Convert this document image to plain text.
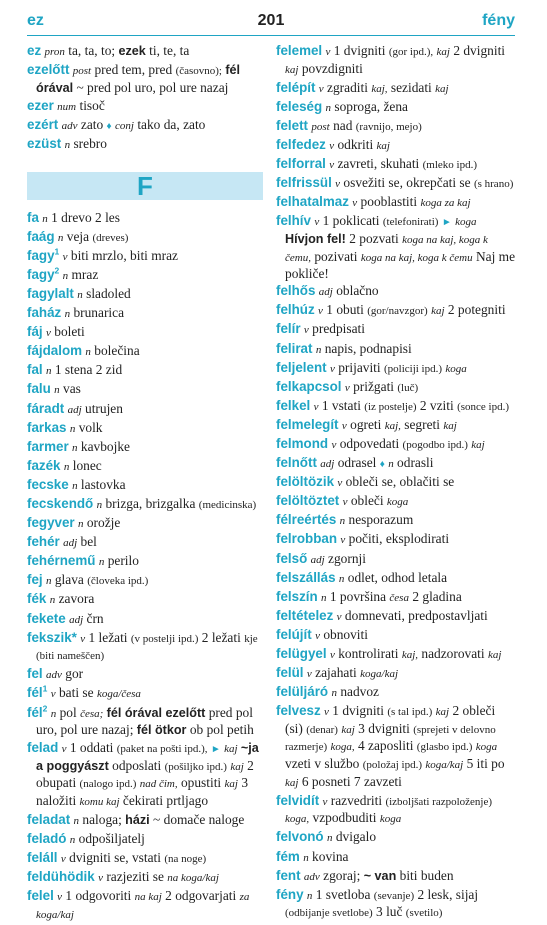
ez	201	fény
ez pron ta, ta, to; ezek ti, te, ta
ezelőtt post pred tem, pred (časovno); fél órával ~ pred pol uro, pol ure nazaj
ezer num tisoč
ezért adv zato ♦ conj tako da, zato
ezüst n srebro
F
fa n 1 drevo 2 les
faág n veja (dreves)
fagy$^1$ v biti mrzlo, biti mraz
fagy$^2$ n mraz
fagylalt n sladoled
faház n brunarica
fáj v boleti
fájdalom n bolečina
fal n 1 stena 2 zid
falu n vas
fáradt adj utrujen
farkas n volk
farmer n kavbojke
fazék n lonec
fecske n lastovka
fecskendő n brizga, brizgalka (medicinska)
fegyver n orožje
fehér adj bel
fehérnemű n perilo
fej n glava (človeka ipd.)
fék n zavora
fekete adj črn
fekszik* v 1 ležati (v postelji ipd.) 2 ležati kje (biti nameščen)
fel adv gor
fél$^1$ v bati se koga/česa
fél$^2$ n pol česa; fél órával ezelőtt pred pol uro, pol ure nazaj; fél ötkor ob pol petih
felad v 1 oddati (paket na pošti ipd.), ► kaj ~ja a poggyászt odposlati (pošiljko ipd.) kaj 2 obupati (nalogo ipd.) nad čim, opustiti kaj 3 naložiti komu kaj čekirati prtljago
feladat n naloga; házi ~ domače naloge
feladó n odpošiljatelj
feláll v dvigniti se, vstati (na noge)
feldühödik v razjeziti se na koga/kaj
felel v 1 odgovoriti na kaj 2 odgovarjati za koga/kaj
felemel v 1 dvigniti (gor ipd.), kaj 2 dvigniti kaj povzdigniti
felépít v zgraditi kaj, sezidati kaj
feleség n soproga, žena
felett post nad (ravnijo, mejo)
felfedez v odkriti kaj
felforral v zavreti, skuhati (mleko ipd.)
felfrissül v osvežiti se, okrepčati se (s hrano)
felhatalmaz v pooblastiti koga za kaj
felhív v 1 poklicati (telefonirati) ► koga Hívjon fel! 2 pozvati koga na kaj, koga k čemu, pozivati koga na kaj, koga k čemu Naj me pokliče!
felhős adj oblačno
felhúz v 1 obuti (gor/navzgor) kaj 2 potegniti
felír v predpisati
felirat n napis, podnapisi
feljelent v prijaviti (policiji ipd.) koga
felkapcsol v prižgati (luč)
felkel v 1 vstati (iz postelje) 2 vziti (sonce ipd.)
felmelegít v ogreti kaj, segreti kaj
felmond v odpovedati (pogodbo ipd.) kaj
felnőtt adj odrasel ♦ n odrasli
felöltözik v obleči se, oblačiti se
felöltöztet v obleči koga
félreértés n nesporazum
felrobban v počiti, eksplodirati
felső adj zgornji
felszállás n odlet, odhod letala
felszín n 1 površina česa 2 gladina
feltételez v domnevati, predpostavljati
felújít v obnoviti
felügyel v kontrolirati kaj, nadzorovati kaj
felül v zajahati koga/kaj
felüljáró n nadvoz
felvesz v 1 dvigniti (s tal ipd.) kaj 2 obleči (si) (denar) kaj 3 dvigniti (sprejeti v delovno razmerje) koga, 4 zaposliti (glasbo ipd.) koga vzeti v službo (položaj ipd.) koga/kaj 5 iti po kaj 6 posneti 7 zavzeti
felvidít v razvedriti (izboljšati razpoloženje) koga, vzpodbuditi koga
felvonó n dvigalo
fém n kovina
fent adv zgoraj; ~ van biti buden
fény n 1 svetloba (sevanje) 2 lesk, sijaj (odbijanje svetlobe) 3 luč (svetilo)
